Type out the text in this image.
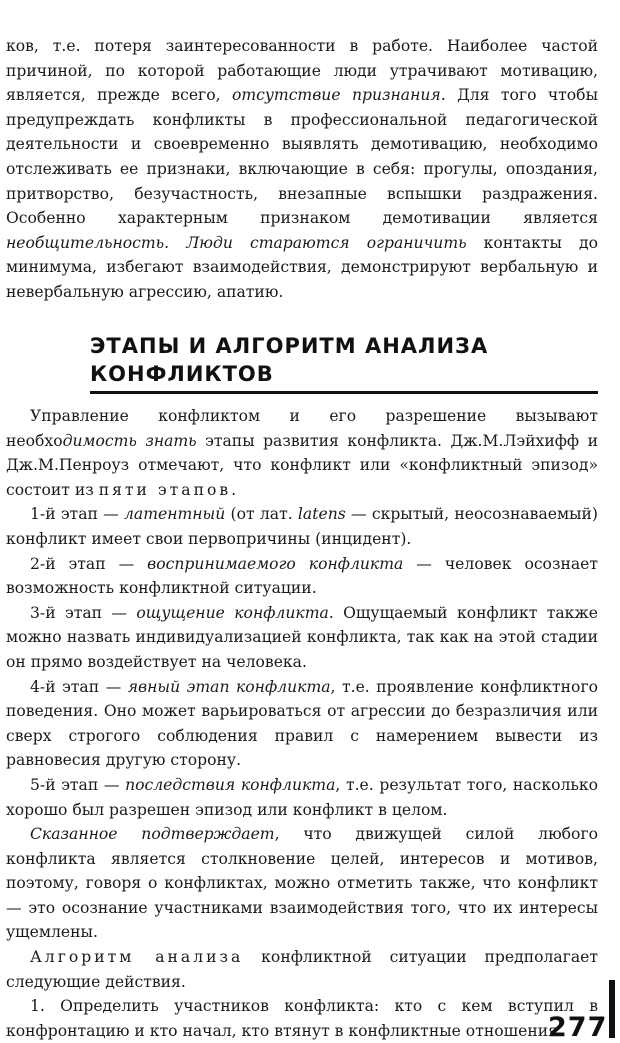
ков, т.е. потеря заинтересованности в работе. Наиболее частой причиной, по которой работающие люди утрачивают мотивацию, является, прежде всего, отсутствие признания. Для того чтобы предупреждать конфликты в профессиональной педагогической деятельности и своевременно выявлять демотивацию, необходимо отслеживать ее признаки, включающие в себя: прогулы, опоздания, притворство, безучастность, внезапные вспышки раздражения. Особенно характерным признаком демотивации является необщительность. Люди стараются ограничить контакты до минимума, избегают взаимодействия, демонстрируют вербальную и невербальную агрессию, апатию.

ЭТАПЫ И АЛГОРИТМ АНАЛИЗА
КОНФЛИКТОВ

Управление конфликтом и его разрешение вызывают необходимость знать этапы развития конфликта. Дж.М.Лэйхифф и Дж.М.Пенроуз отмечают, что конфликт или «конфликтный эпизод» состоит из пяти этапов.

1-й этап — латентный (от лат. latens — скрытый, неосознаваемый) конфликт имеет свои первопричины (инцидент).

2-й этап — воспринимаемого конфликта — человек осознает возможность конфликтной ситуации.

3-й этап — ощущение конфликта. Ощущаемый конфликт также можно назвать индивидуализацией конфликта, так как на этой стадии он прямо воздействует на человека.

4-й этап — явный этап конфликта, т.е. проявление конфликтного поведения. Оно может варьироваться от агрессии до безразличия или сверх строгого соблюдения правил с намерением вывести из равновесия другую сторону.

5-й этап — последствия конфликта, т.е. результат того, насколько хорошо был разрешен эпизод или конфликт в целом.

Сказанное подтверждает, что движущей силой любого конфликта является столкновение целей, интересов и мотивов, поэтому, говоря о конфликтах, можно отметить также, что конфликт — это осознание участниками взаимодействия того, что их интересы ущемлены.

Алгоритм анализа конфликтной ситуации предполагает следующие действия.

1. Определить участников конфликта: кто с кем вступил в конфронтацию и кто начал, кто втянут в конфликтные отношения.

277
